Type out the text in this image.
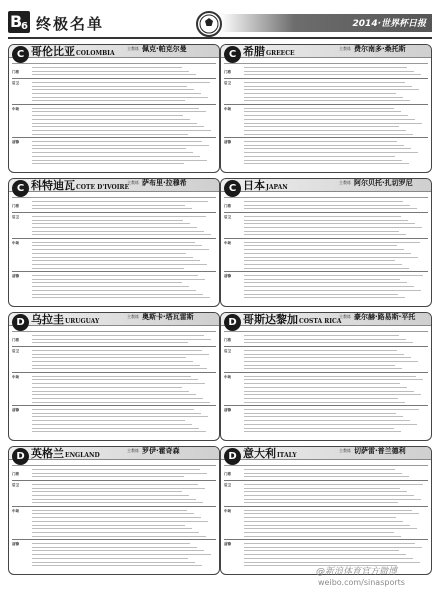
B
6 终极名单	2014·世界杯日报
C 哥伦比亚COLOMBIA
主教练 佩克·帕克尔曼
门将
后卫
中场
前锋
C 希腊GREECE
主教练 费尔南多·桑托斯
门将
后卫
中场
前锋
C 科特迪瓦COTE D'IVOIRE
主教练 萨布里·拉穆希
门将
后卫
中场
前锋
C 日本JAPAN
主教练 阿尔贝托·扎切罗尼
门将
后卫
中场
前锋
D 乌拉圭URUGUAY
主教练 奥斯卡·塔瓦雷斯
门将
后卫
中场
前锋
D 哥斯达黎加COSTA RICA
主教练 豪尔赫·路易斯·平托
门将
后卫
中场
前锋
D 英格兰ENGLAND
主教练 罗伊·霍奇森
门将
后卫
中场
前锋
D 意大利ITALY
主教练 切萨雷·普兰德利
门将
后卫
中场
前锋
@新浪体育官方微博
weibo.com/sinasports
